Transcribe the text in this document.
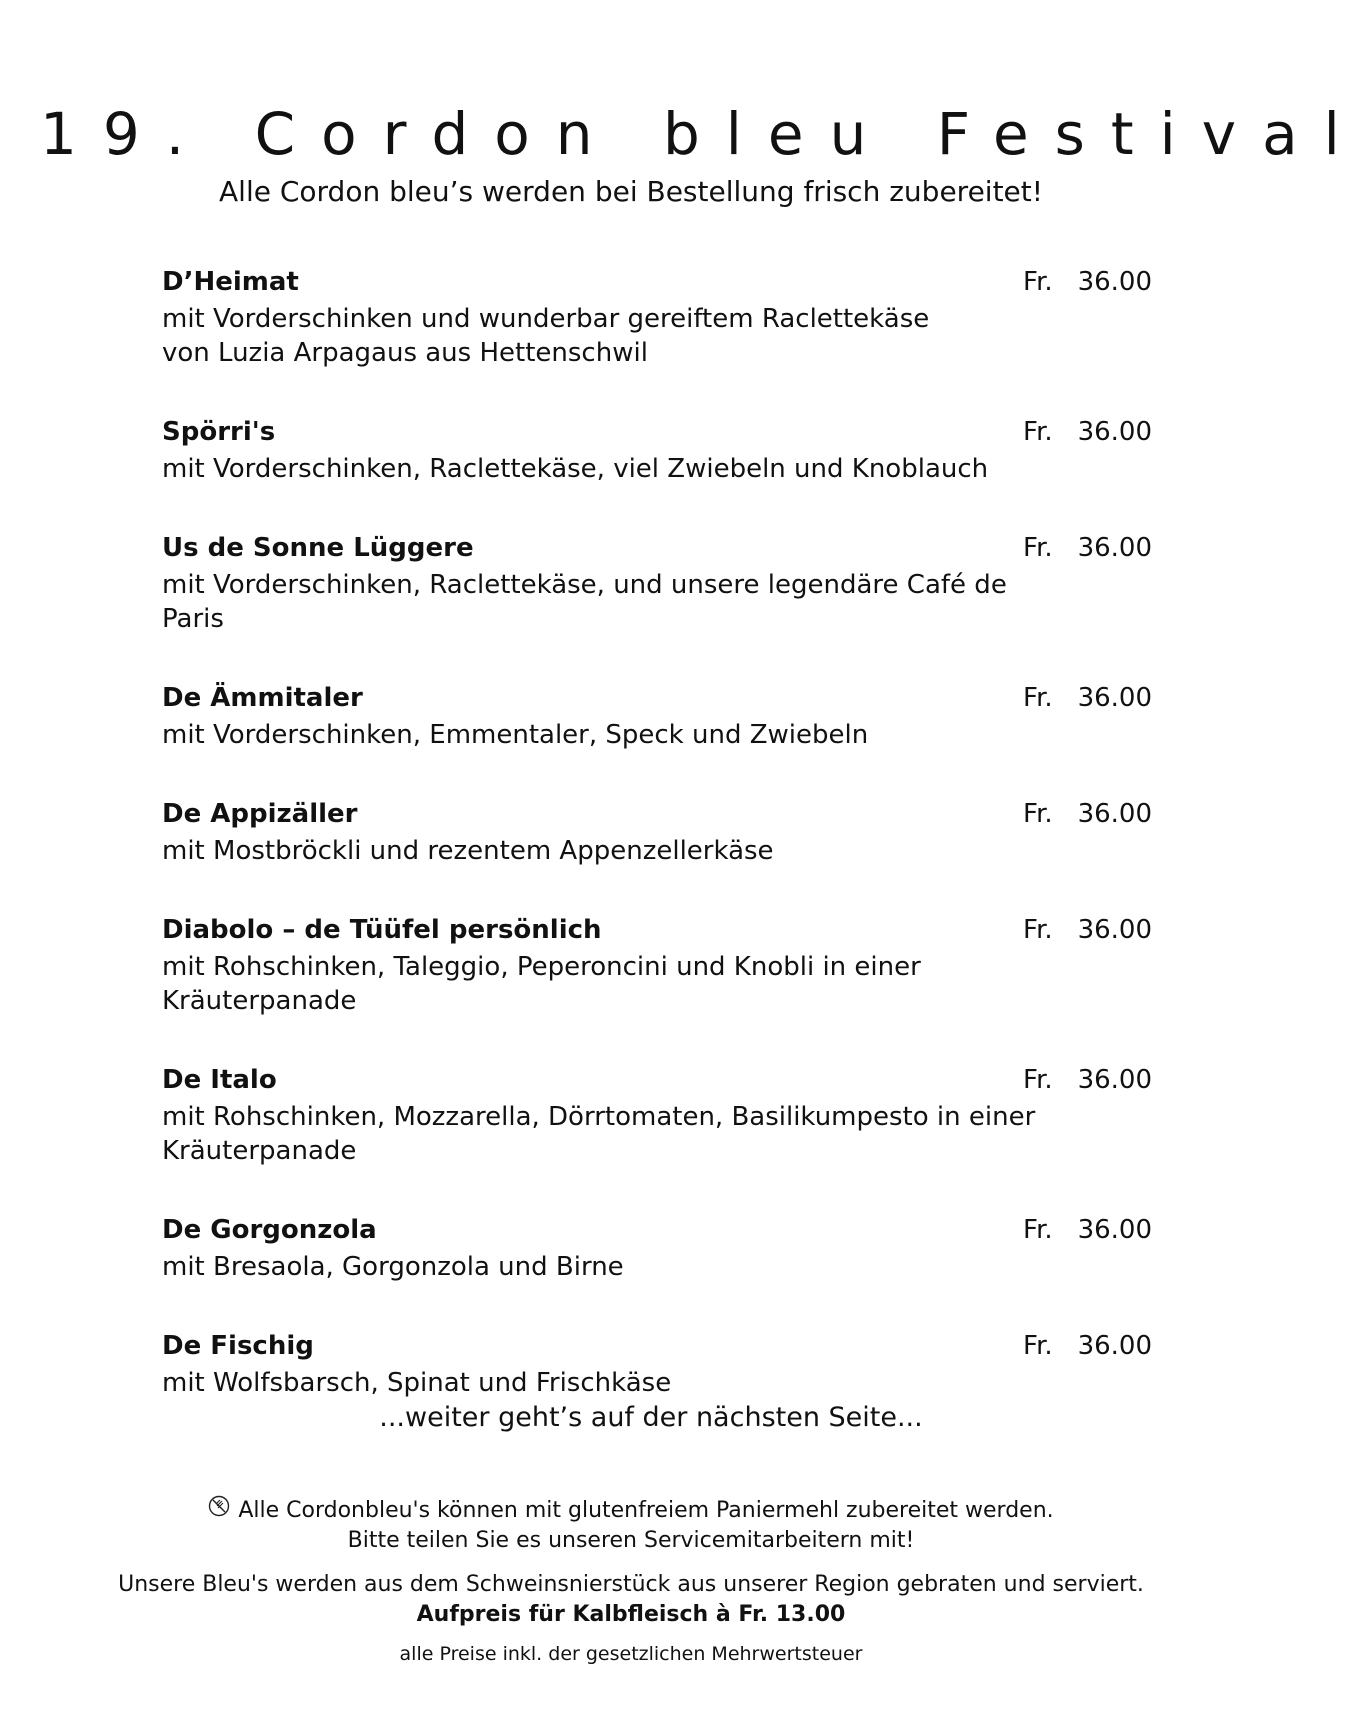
19. Cordon bleu Festival
Alle Cordon bleu’s werden bei Bestellung frisch zubereitet!
D’Heimat	Fr. 36.00
mit Vorderschinken und wunderbar gereiftem Raclettekäse
von Luzia Arpagaus aus Hettenschwil
Spörri's	Fr. 36.00
mit Vorderschinken, Raclettekäse, viel Zwiebeln und Knoblauch
Us de Sonne Lüggere	Fr. 36.00
mit Vorderschinken, Raclettekäse, und unsere legendäre Café de Paris
De Ämmitaler	Fr. 36.00
mit Vorderschinken, Emmentaler, Speck und Zwiebeln
De Appizäller	Fr. 36.00
mit Mostbröckli und rezentem Appenzellerkäse
Diabolo – de Tüüfel persönlich	Fr. 36.00
mit Rohschinken, Taleggio, Peperoncini und Knobli in einer Kräuterpanade
De Italo	Fr. 36.00
mit Rohschinken, Mozzarella, Dörrtomaten, Basilikumpesto in einer
Kräuterpanade
De Gorgonzola	Fr. 36.00
mit Bresaola, Gorgonzola und Birne
De Fischig	Fr. 36.00
mit Wolfsbarsch, Spinat und Frischkäse
...weiter geht’s auf der nächsten Seite...
Alle Cordonbleu's können mit glutenfreiem Paniermehl zubereitet werden.
Bitte teilen Sie es unseren Servicemitarbeitern mit!
Unsere Bleu's werden aus dem Schweinsnierstück aus unserer Region gebraten und serviert.
Aufpreis für Kalbfleisch à Fr. 13.00
alle Preise inkl. der gesetzlichen Mehrwertsteuer
